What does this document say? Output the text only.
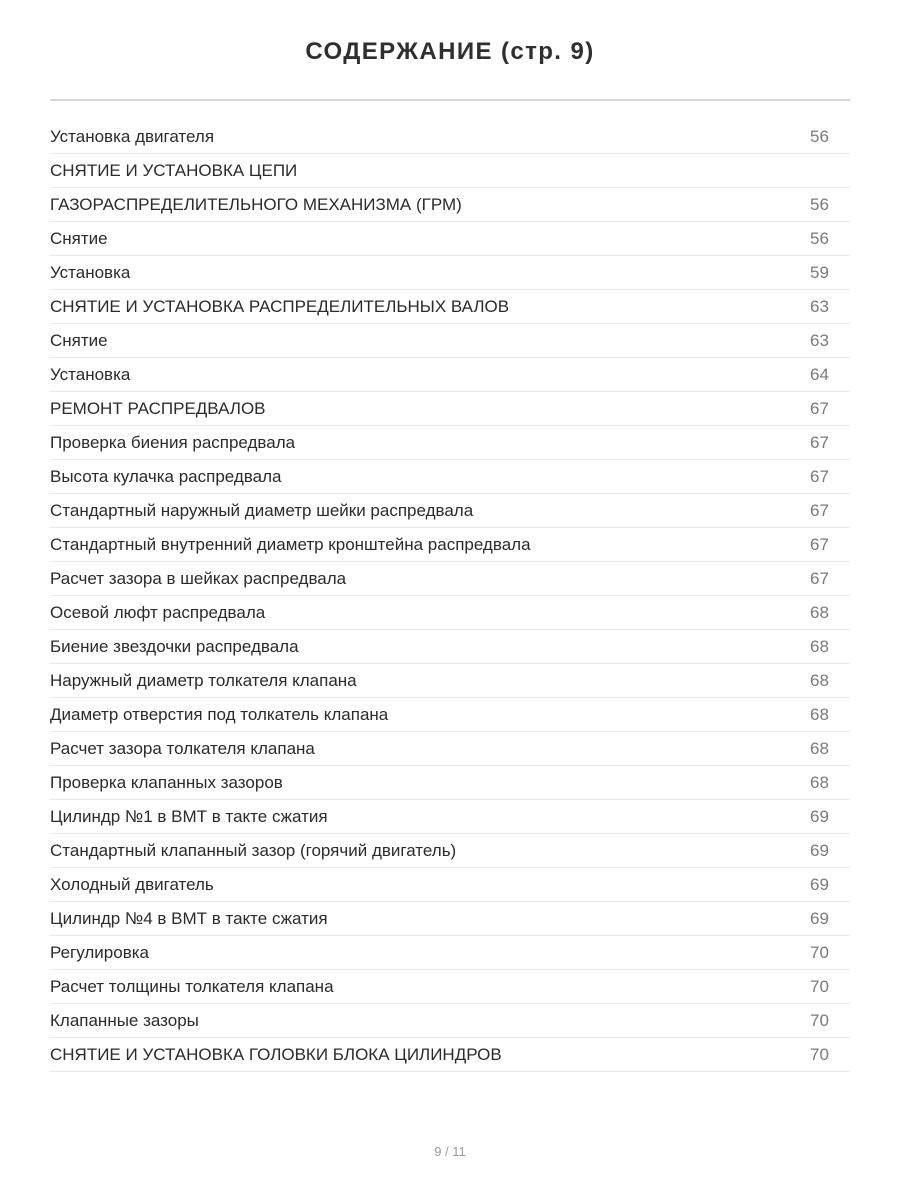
СОДЕРЖАНИЕ (стр. 9)
Установка двигателя	56
СНЯТИЕ И УСТАНОВКА ЦЕПИ
ГАЗОРАСПРЕДЕЛИТЕЛЬНОГО МЕХАНИЗМА (ГРМ)	56
Снятие	56
Установка	59
СНЯТИЕ И УСТАНОВКА РАСПРЕДЕЛИТЕЛЬНЫХ ВАЛОВ	63
Снятие	63
Установка	64
РЕМОНТ РАСПРЕДВАЛОВ	67
Проверка биения распредвала	67
Высота кулачка распредвала	67
Стандартный наружный диаметр шейки распредвала	67
Стандартный внутренний диаметр кронштейна распредвала	67
Расчет зазора в шейках распредвала	67
Осевой люфт распредвала	68
Биение звездочки распредвала	68
Наружный диаметр толкателя клапана	68
Диаметр отверстия под толкатель клапана	68
Расчет зазора толкателя клапана	68
Проверка клапанных зазоров	68
Цилиндр №1 в ВМТ в такте сжатия	69
Стандартный клапанный зазор (горячий двигатель)	69
Холодный двигатель	69
Цилиндр №4 в ВМТ в такте сжатия	69
Регулировка	70
Расчет толщины толкателя клапана	70
Клапанные зазоры	70
СНЯТИЕ И УСТАНОВКА ГОЛОВКИ БЛОКА ЦИЛИНДРОВ	70
9 / 11
